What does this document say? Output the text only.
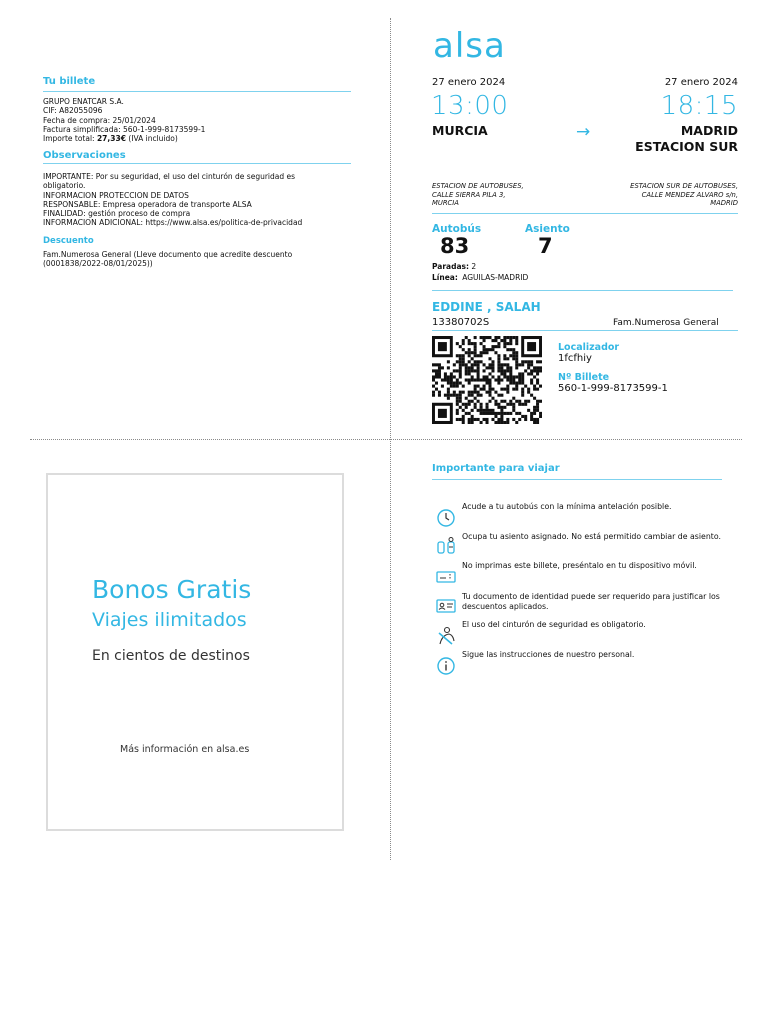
Tu billete
GRUPO ENATCAR S.A.
CIF: A82055096
Fecha de compra: 25/01/2024
Factura simplificada: 560-1-999-8173599-1
Importe total: 27,33€ (IVA incluido)
Observaciones
IMPORTANTE: Por su seguridad, el uso del cinturón de seguridad es
obligatorio.
INFORMACION PROTECCION DE DATOS
RESPONSABLE: Empresa operadora de transporte ALSA
FINALIDAD: gestión proceso de compra
INFORMACION ADICIONAL: https://www.alsa.es/politica-de-privacidad
Descuento
Fam.Numerosa General (Lleve documento que acredite descuento
(0001838/2022-08/01/2025))
alsa
27 enero 2024	27 enero 2024
13:00	18:15
MURCIA	→	MADRID
ESTACION SUR
ESTACION DE AUTOBUSES,
CALLE SIERRA PILA 3,
MURCIA
ESTACION SUR DE AUTOBUSES,
CALLE MENDEZ ALVARO s/n,
MADRID
Autobús	Asiento
83	7
Paradas: 2
Línea: AGUILAS-MADRID
EDDINE , SALAH
13380702S	Fam.Numerosa General
Localizador
1fcfhiy
Nº Billete
560-1-999-8173599-1
Bonos Gratis
Viajes ilimitados
En cientos de destinos
Más información en alsa.es
Importante para viajar
Acude a tu autobús con la mínima antelación posible.
Ocupa tu asiento asignado. No está permitido cambiar de asiento.
No imprimas este billete, preséntalo en tu dispositivo móvil.
Tu documento de identidad puede ser requerido para justificar los descuentos aplicados.
El uso del cinturón de seguridad es obligatorio.
Sigue las instrucciones de nuestro personal.
